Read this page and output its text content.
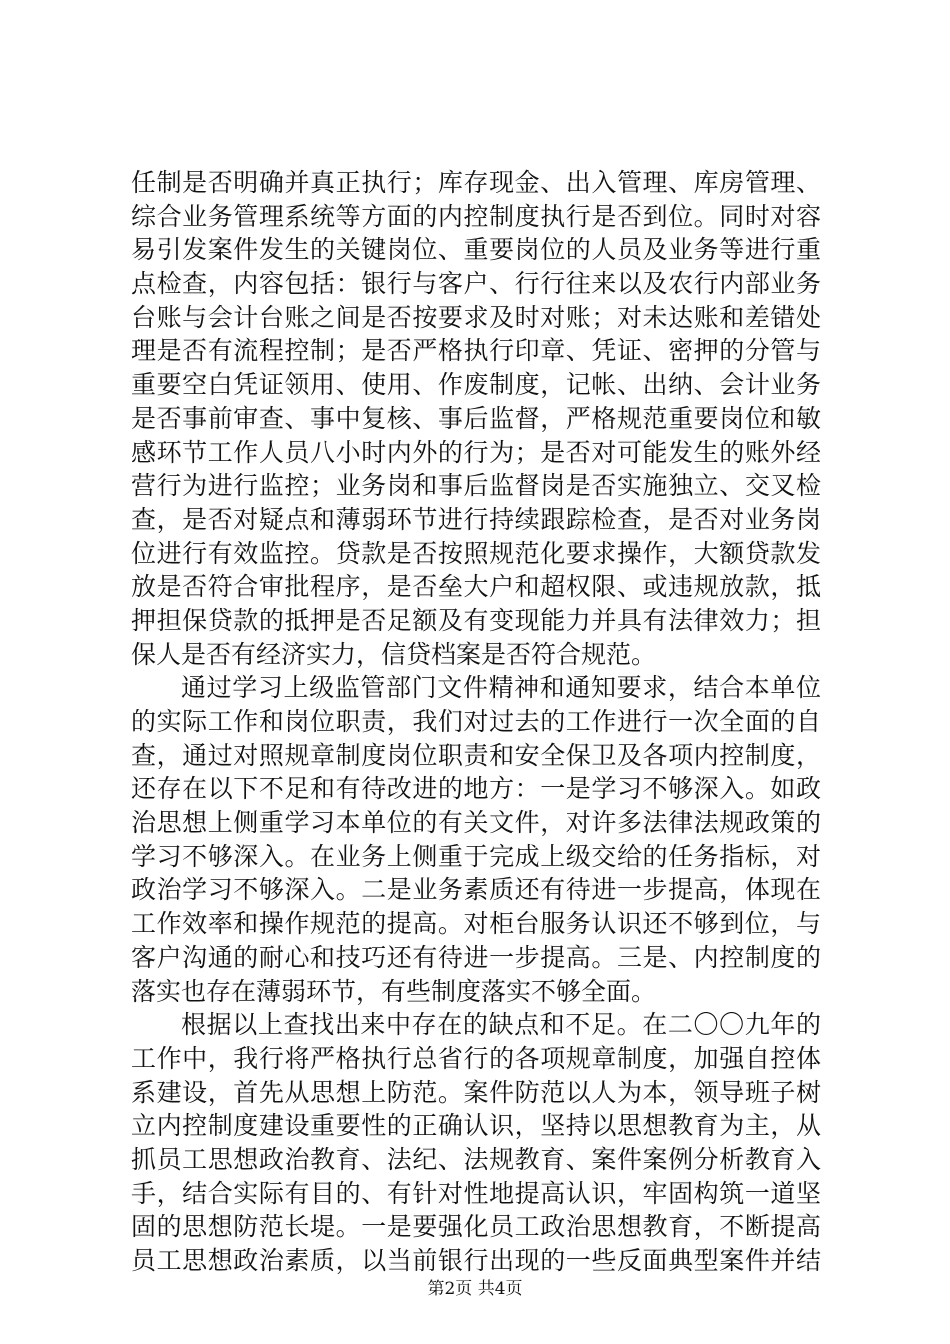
任制是否明确并真正执行；库存现金、出入管理、库房管理、
综合业务管理系统等方面的内控制度执行是否到位。同时对容
易引发案件发生的关键岗位、重要岗位的人员及业务等进行重
点检查，内容包括：银行与客户、行行往来以及农行内部业务
台账与会计台账之间是否按要求及时对账；对未达账和差错处
理是否有流程控制；是否严格执行印章、凭证、密押的分管与
重要空白凭证领用、使用、作废制度，记帐、出纳、会计业务
是否事前审查、事中复核、事后监督，严格规范重要岗位和敏
感环节工作人员八小时内外的行为；是否对可能发生的账外经
营行为进行监控；业务岗和事后监督岗是否实施独立、交叉检
查，是否对疑点和薄弱环节进行持续跟踪检查，是否对业务岗
位进行有效监控。贷款是否按照规范化要求操作，大额贷款发
放是否符合审批程序，是否垒大户和超权限、或违规放款，抵
押担保贷款的抵押是否足额及有变现能力并具有法律效力；担
保人是否有经济实力，信贷档案是否符合规范。
通过学习上级监管部门文件精神和通知要求，结合本单位
的实际工作和岗位职责，我们对过去的工作进行一次全面的自
查，通过对照规章制度岗位职责和安全保卫及各项内控制度，
还存在以下不足和有待改进的地方：一是学习不够深入。如政
治思想上侧重学习本单位的有关文件，对许多法律法规政策的
学习不够深入。在业务上侧重于完成上级交给的任务指标，对
政治学习不够深入。二是业务素质还有待进一步提高，体现在
工作效率和操作规范的提高。对柜台服务认识还不够到位，与
客户沟通的耐心和技巧还有待进一步提高。三是、内控制度的
落实也存在薄弱环节，有些制度落实不够全面。
根据以上查找出来中存在的缺点和不足。在二〇〇九年的
工作中，我行将严格执行总省行的各项规章制度，加强自控体
系建设，首先从思想上防范。案件防范以人为本，领导班子树
立内控制度建设重要性的正确认识，坚持以思想教育为主，从
抓员工思想政治教育、法纪、法规教育、案件案例分析教育入
手，结合实际有目的、有针对性地提高认识，牢固构筑一道坚
固的思想防范长堤。一是要强化员工政治思想教育，不断提高
员工思想政治素质，以当前银行出现的一些反面典型案件并结
第2页 共4页
